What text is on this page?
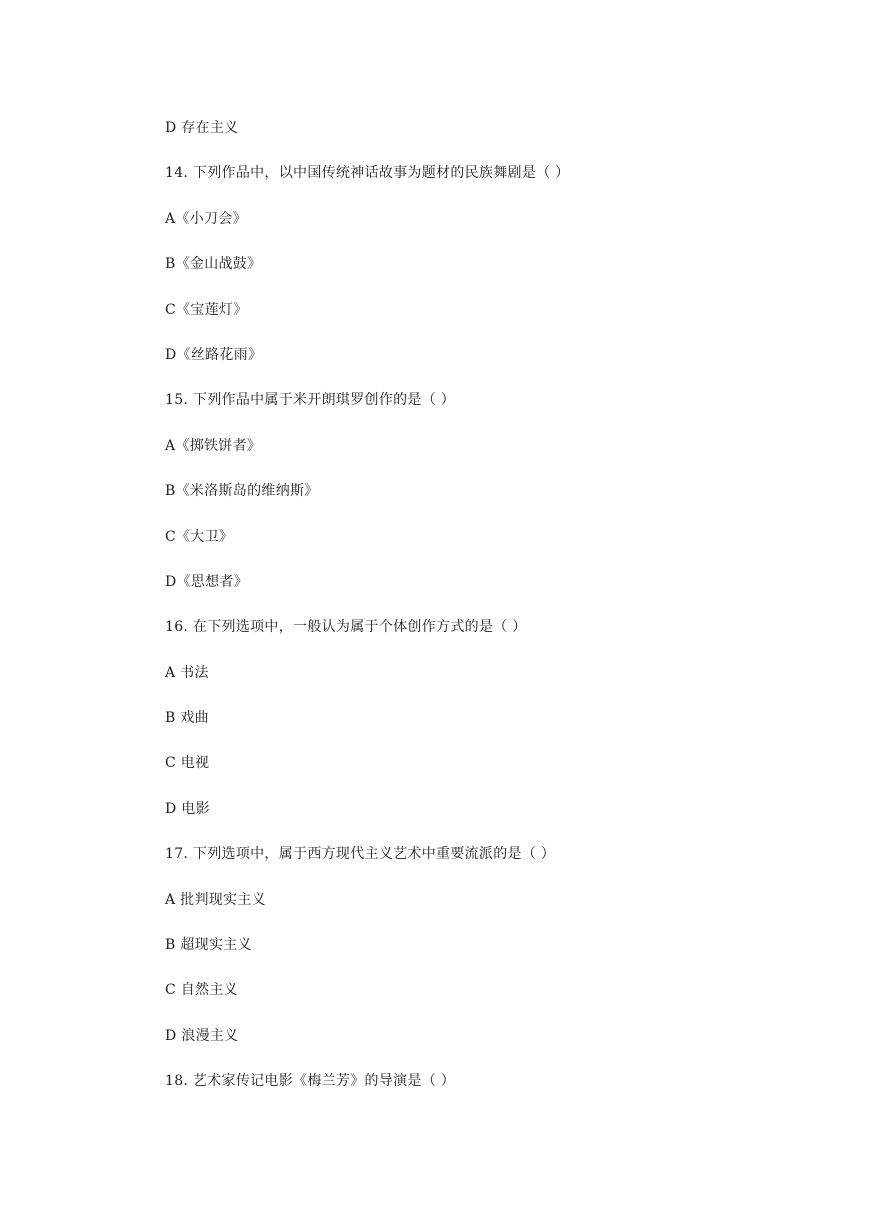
D 存在主义
14. 下列作品中，以中国传统神话故事为题材的民族舞剧是（ ）
A《小刀会》
B《金山战鼓》
C《宝莲灯》
D《丝路花雨》
15. 下列作品中属于米开朗琪罗创作的是（ ）
A《掷铁饼者》
B《米洛斯岛的维纳斯》
C《大卫》
D《思想者》
16. 在下列选项中，一般认为属于个体创作方式的是（ ）
A 书法
B 戏曲
C 电视
D 电影
17. 下列选项中，属于西方现代主义艺术中重要流派的是（ ）
A 批判现实主义
B 超现实主义
C 自然主义
D 浪漫主义
18. 艺术家传记电影《梅兰芳》的导演是（ ）
